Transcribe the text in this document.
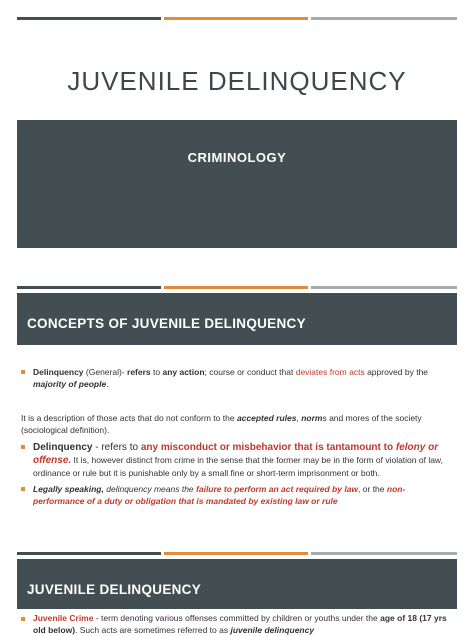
JUVENILE DELINQUENCY
CRIMINOLOGY
CONCEPTS OF JUVENILE DELINQUENCY
Delinquency (General)- refers to any action; course or conduct that deviates from acts approved by the majority of people.
It is a description of those acts that do not conform to the accepted rules, norms and mores of the society (sociological definition).
Delinquency - refers to any misconduct or misbehavior that is tantamount to felony or offense. It is, however distinct from crime in the sense that the former may be in the form of violation of law, ordinance or rule but it is punishable only by a small fine or short-term imprisonment or both.
Legally speaking, delinquency means the failure to perform an act required by law, or the non-performance of a duty or obligation that is mandated by existing law or rule
JUVENILE DELINQUENCY
Juvenile Crime - term denoting various offenses committed by children or youths under the age of 18 (17 yrs old below). Such acts are sometimes referred to as juvenile delinquency
